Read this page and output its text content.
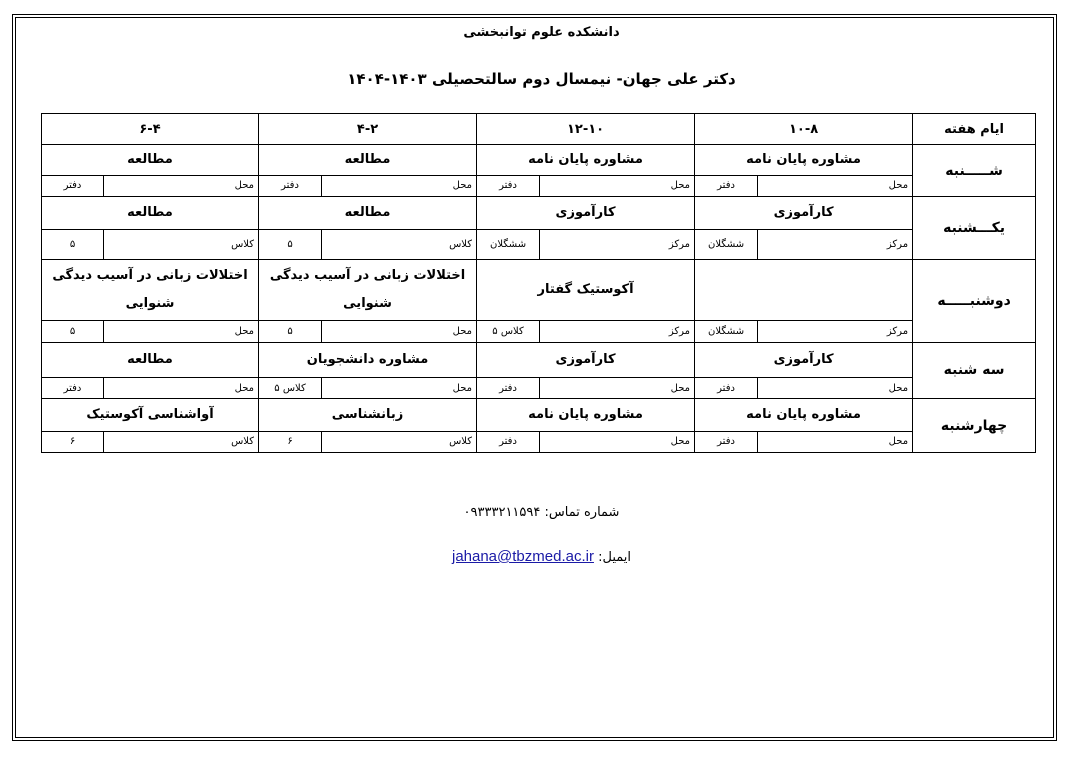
دانشکده علوم توانبخشی
دکتر علی جهان- نیمسال دوم سالتحصیلی ۱۴۰۳-۱۴۰۴
ایام هفته	۱۰-۸		۱۲-۱۰		۴-۲		۶-۴	
شـــــنبه	مشاوره پایان نامه		مشاوره پایان نامه		مطالعه		مطالعه	
	محل	دفتر	محل	دفتر	محل	دفتر	محل	دفتر
یکـــشنبه	کارآموزی		کارآموزی		مطالعه		مطالعه	
	مرکز	ششگلان	مرکز	ششگلان	کلاس	۵	کلاس	۵
دوشنبـــــه			آکوستیک گفتار		اختلالات زبانی در آسیب دیدگی شنوایی		اختلالات زبانی در آسیب دیدگی شنوایی	
	مرکز	ششگلان	مرکز	کلاس ۵	محل	۵	محل	۵
سه شنبه	کارآموزی		کارآموزی		مشاوره دانشجویان		مطالعه	
	محل	دفتر	محل	دفتر	محل	کلاس ۵	محل	دفتر
چهارشنبه	مشاوره پایان نامه		مشاوره پایان نامه		زبانشناسی		آواشناسی آکوستیک	
	محل	دفتر	محل	دفتر	کلاس	۶	کلاس	۶
شماره تماس: ۰۹۳۳۳۲۱۱۵۹۴
ایمیل: jahana@tbzmed.ac.ir
